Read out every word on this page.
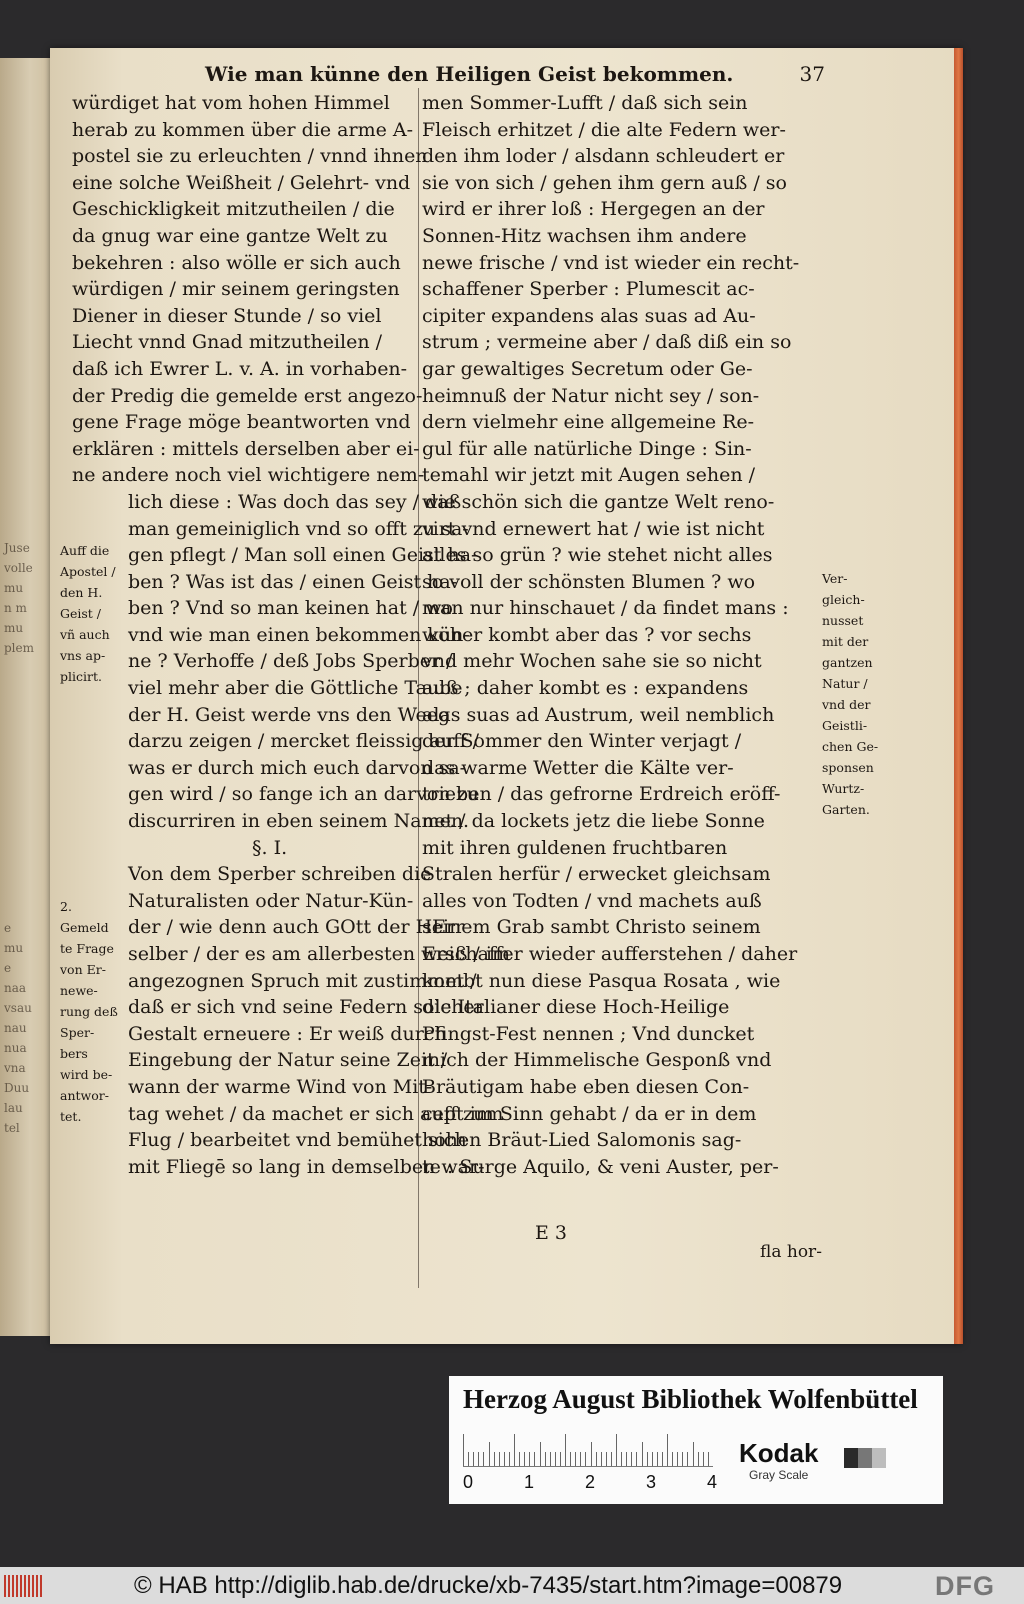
Juse
volle
mu
n m
mu
plem
e
mu
e
naa
vsau
nau
nua
vna
Duu
lau
tel
Wie man künne den Heiligen Geist bekommen.	37
würdiget hat vom hohen Himmel
herab zu kommen über die arme A-
postel sie zu erleuchten / vnnd ihnen
eine solche Weißheit / Gelehrt- vnd
Geschickligkeit mitzutheilen / die
da gnug war eine gantze Welt zu
bekehren : also wölle er sich auch
würdigen / mir seinem geringsten
Diener in dieser Stunde / so viel
Liecht vnnd Gnad mitzutheilen /
daß ich Ewrer L. v. A. in vorhaben-
der Predig die gemelde erst angezo-
gene Frage möge beantworten vnd
erklären : mittels derselben aber ei-
ne andere noch viel wichtigere nem-
lich diese : Was doch das sey / daß
man gemeiniglich vnd so offt zu sa-
gen pflegt / Man soll einen Geist ha-
ben ? Was ist das / einen Geist ha-
ben ? Vnd so man keinen hat / wo
vnd wie man einen bekommen kün-
ne ? Verhoffe / deß Jobs Sperber /
viel mehr aber die Göttliche Taube
der H. Geist werde vns den Weeg
darzu zeigen / mercket fleissig auff /
was er durch mich euch darvon sa-
gen wird / so fange ich an darvon zu
discurriren in eben seinem Namen.
§. I.
Von dem Sperber schreiben die
Naturalisten oder Natur-Kün-
der / wie denn auch GOtt der HErr
selber / der es am allerbesten weiß / im
angezognen Spruch mit zustimmet /
daß er sich vnd seine Federn solcher
Gestalt erneuere : Er weiß durch
Eingebung der Natur seine Zeit /
wann der warme Wind von Mit-
tag wehet / da machet er sich auff zum
Flug / bearbeitet vnd bemühet sich
mit Fliegē so lang in demselben war-
men Sommer-Lufft / daß sich sein
Fleisch erhitzet / die alte Federn wer-
den ihm loder / alsdann schleudert er
sie von sich / gehen ihm gern auß / so
wird er ihrer loß : Hergegen an der
Sonnen-Hitz wachsen ihm andere
newe frische / vnd ist wieder ein recht-
schaffener Sperber : Plumescit ac-
cipiter expandens alas suas ad Au-
strum ; vermeine aber / daß diß ein so
gar gewaltiges Secretum oder Ge-
heimnuß der Natur nicht sey / son-
dern vielmehr eine allgemeine Re-
gul für alle natürliche Dinge : Sin-
temahl wir jetzt mit Augen sehen /
wie schön sich die gantze Welt reno-
virt vnd ernewert hat / wie ist nicht
alles so grün ? wie stehet nicht alles
so voll der schönsten Blumen ? wo
man nur hinschauet / da findet mans :
woher kombt aber das ? vor sechs
vnd mehr Wochen sahe sie so nicht
auß ; daher kombt es : expandens
alas suas ad Austrum, weil nemblich
der Sommer den Winter verjagt /
das warme Wetter die Kälte ver-
trieben / das gefrorne Erdreich eröff-
net / da lockets jetz die liebe Sonne
mit ihren guldenen fruchtbaren
Stralen herfür / erwecket gleichsam
alles von Todten / vnd machets auß
seinem Grab sambt Christo seinem
Erschaffer wieder aufferstehen / daher
kombt nun diese Pasqua Rosata , wie
die Italianer diese Hoch-Heilige
Pfingst-Fest nennen ; Vnd duncket
mich der Himmelische Gesponß vnd
Bräutigam habe eben diesen Con-
cept im Sinn gehabt / da er in dem
hohen Bräut-Lied Salomonis sag-
te : Surge Aquilo, & veni Auster, per-
Auff die
Apostel /
den H.
Geist /
vñ auch
vns ap-
plicirt.
2.
Gemeld
te Frage
von Er-
newe-
rung deß
Sper-
bers
wird be-
antwor-
tet.
Ver-
gleich-
nusset
mit der
gantzen
Natur /
vnd der
Geistli-
chen Ge-
sponsen
Wurtz-
Garten.
E 3
fla hor-
Herzog August Bibliothek Wolfenbüttel
0	1	2	3	4
Kodak
Gray Scale
© HAB http://diglib.hab.de/drucke/xb-7435/start.htm?image=00879	DFG
